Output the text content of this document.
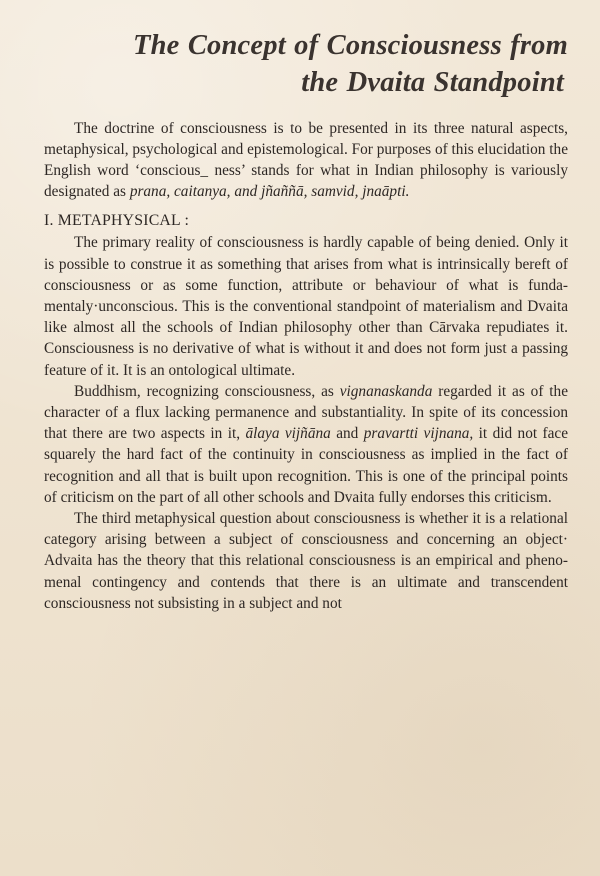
The Concept of Consciousness from
the Dvaita Standpoint

The doctrine of consciousness is to be presented in its three natural aspects, metaphysical, psychological and epistemological. For purposes of this elucidation the English word ‘conscious_ ness’ stands for what in Indian philosophy is variously designated as prana, caitanya, and jñaññā, samvid, jnaāpti.

I. METAPHYSICAL :

The primary reality of consciousness is hardly capable of being denied. Only it is possible to construe it as something that arises from what is intrinsically bereft of consciousness or as some function, attribute or behaviour of what is funda- mentaly·unconscious. This is the conventional standpoint of materialism and Dvaita like almost all the schools of Indian philosophy other than Cārvaka repudiates it. Consciousness is no derivative of what is without it and does not form just a passing feature of it. It is an ontological ultimate.

Buddhism, recognizing consciousness, as vignanaskanda regarded it as of the character of a flux lacking permanence and substantiality. In spite of its concession that there are two aspects in it, ālaya vijñāna and pravartti vijnana, it did not face squarely the hard fact of the continuity in consciousness as implied in the fact of recognition and all that is built upon recognition. This is one of the principal points of criticism on the part of all other schools and Dvaita fully endorses this criticism.

The third metaphysical question about consciousness is whether it is a relational category arising between a subject of consciousness and concerning an object· Advaita has the theory that this relational consciousness is an empirical and pheno- menal contingency and contends that there is an ultimate and transcendent consciousness not subsisting in a subject and not
